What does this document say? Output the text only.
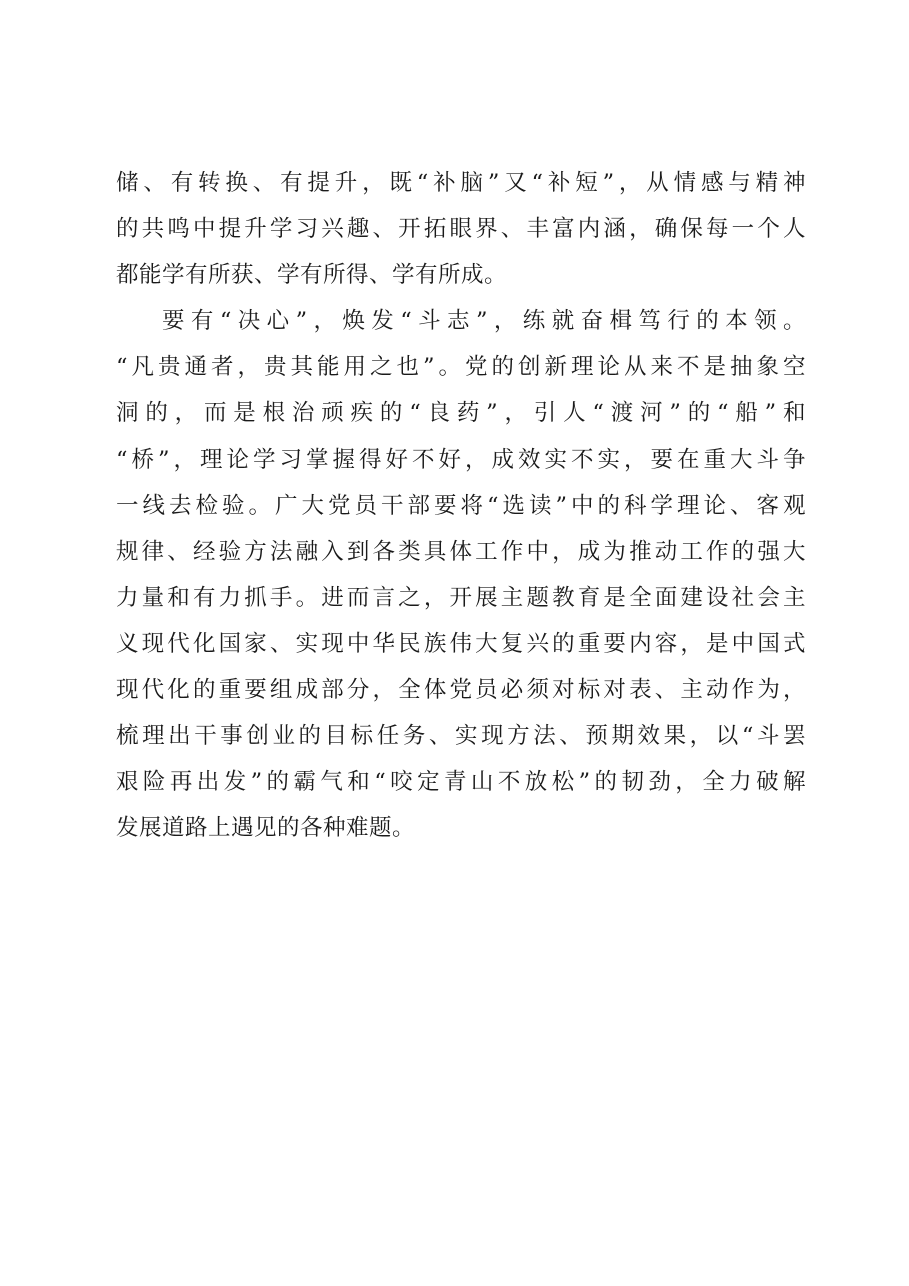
储、有转换、有提升，既“补脑”又“补短”，从情感与精神
的共鸣中提升学习兴趣、开拓眼界、丰富内涵，确保每一个人
都能学有所获、学有所得、学有所成。
要有“决心”，焕发“斗志”，练就奋楫笃行的本领。
“凡贵通者，贵其能用之也”。党的创新理论从来不是抽象空
洞的，而是根治顽疾的“良药”，引人“渡河”的“船”和
“桥”，理论学习掌握得好不好，成效实不实，要在重大斗争
一线去检验。广大党员干部要将“选读”中的科学理论、客观
规律、经验方法融入到各类具体工作中，成为推动工作的强大
力量和有力抓手。进而言之，开展主题教育是全面建设社会主
义现代化国家、实现中华民族伟大复兴的重要内容，是中国式
现代化的重要组成部分，全体党员必须对标对表、主动作为，
梳理出干事创业的目标任务、实现方法、预期效果，以“斗罢
艰险再出发”的霸气和“咬定青山不放松”的韧劲，全力破解
发展道路上遇见的各种难题。
